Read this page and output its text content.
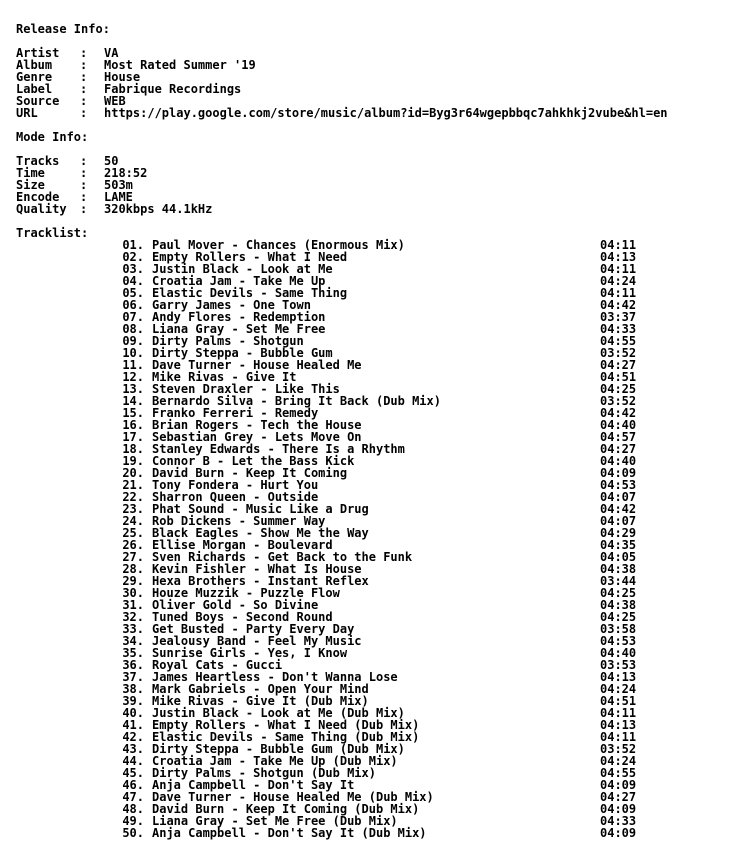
Release Info:
Artist	: VA
Album	: Most Rated Summer '19
Genre	: House
Label	: Fabrique Recordings
Source	: WEB
URL	: https://play.google.com/store/music/album?id=Byg3r64wgepbbqc7ahkhkj2vube&hl=en
Mode Info:
Tracks	: 50
Time	: 218:52
Size	: 503m
Encode	: LAME
Quality	: 320kbps 44.1kHz
Tracklist:
01. Paul Mover - Chances (Enormous Mix)	04:11
02. Empty Rollers - What I Need	04:13
03. Justin Black - Look at Me	04:11
04. Croatia Jam - Take Me Up	04:24
05. Elastic Devils - Same Thing	04:11
06. Garry James - One Town	04:42
07. Andy Flores - Redemption	03:37
08. Liana Gray - Set Me Free	04:33
09. Dirty Palms - Shotgun	04:55
10. Dirty Steppa - Bubble Gum	03:52
11. Dave Turner - House Healed Me	04:27
12. Mike Rivas - Give It	04:51
13. Steven Draxler - Like This	04:25
14. Bernardo Silva - Bring It Back (Dub Mix)	03:52
15. Franko Ferreri - Remedy	04:42
16. Brian Rogers - Tech the House	04:40
17. Sebastian Grey - Lets Move On	04:57
18. Stanley Edwards - There Is a Rhythm	04:27
19. Connor B - Let the Bass Kick	04:40
20. David Burn - Keep It Coming	04:09
21. Tony Fondera - Hurt You	04:53
22. Sharron Queen - Outside	04:07
23. Phat Sound - Music Like a Drug	04:42
24. Rob Dickens - Summer Way	04:07
25. Black Eagles - Show Me the Way	04:29
26. Ellise Morgan - Boulevard	04:35
27. Sven Richards - Get Back to the Funk	04:05
28. Kevin Fishler - What Is House	04:38
29. Hexa Brothers - Instant Reflex	03:44
30. Houze Muzzik - Puzzle Flow	04:25
31. Oliver Gold - So Divine	04:38
32. Tuned Boys - Second Round	04:25
33. Get Busted - Party Every Day	03:58
34. Jealousy Band - Feel My Music	04:53
35. Sunrise Girls - Yes, I Know	04:40
36. Royal Cats - Gucci	03:53
37. James Heartless - Don't Wanna Lose	04:13
38. Mark Gabriels - Open Your Mind	04:24
39. Mike Rivas - Give It (Dub Mix)	04:51
40. Justin Black - Look at Me (Dub Mix)	04:11
41. Empty Rollers - What I Need (Dub Mix)	04:13
42. Elastic Devils - Same Thing (Dub Mix)	04:11
43. Dirty Steppa - Bubble Gum (Dub Mix)	03:52
44. Croatia Jam - Take Me Up (Dub Mix)	04:24
45. Dirty Palms - Shotgun (Dub Mix)	04:55
46. Anja Campbell - Don't Say It	04:09
47. Dave Turner - House Healed Me (Dub Mix)	04:27
48. David Burn - Keep It Coming (Dub Mix)	04:09
49. Liana Gray - Set Me Free (Dub Mix)	04:33
50. Anja Campbell - Don't Say It (Dub Mix)	04:09
